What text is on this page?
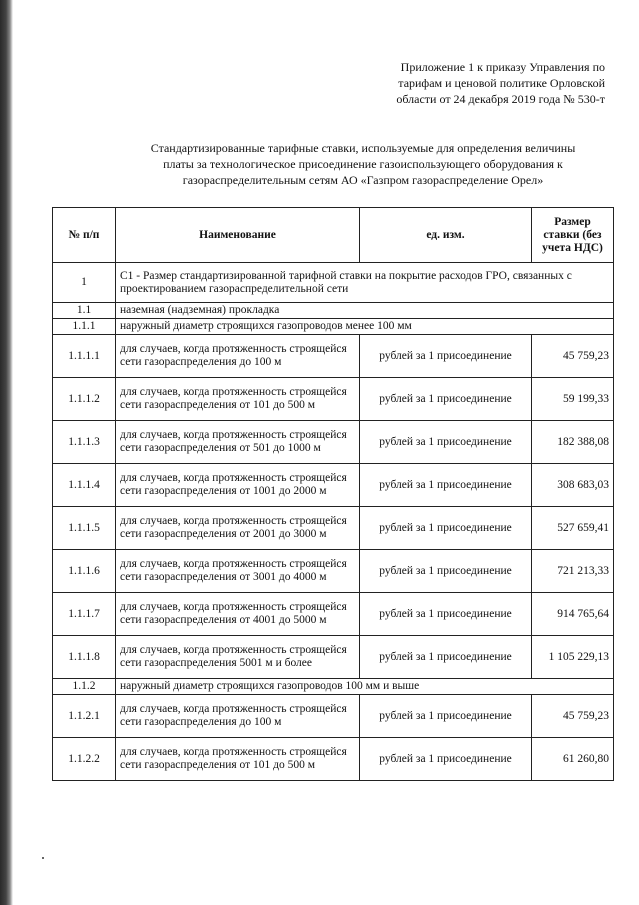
Приложение 1 к приказу Управления по
тарифам и ценовой политике Орловской
области от 24 декабря 2019 года № 530-т
Стандартизированные тарифные ставки, используемые для определения величины
платы за технологическое присоединение газоиспользующего оборудования к
газораспределительным сетям АО «Газпром газораспределение Орел»
№ п/п	Наименование	ед. изм.	Размер ставки (без учета НДС)
1	С1 - Размер стандартизированной тарифной ставки на покрытие расходов ГРО, связанных с проектированием газораспределительной сети		
1.1	наземная (надземная) прокладка		
1.1.1	наружный диаметр строящихся газопроводов менее 100 мм		
1.1.1.1	для случаев, когда протяженность строящейся сети газораспределения до 100 м	рублей за 1 присоединение	45 759,23
1.1.1.2	для случаев, когда протяженность строящейся сети газораспределения от 101 до 500 м	рублей за 1 присоединение	59 199,33
1.1.1.3	для случаев, когда протяженность строящейся сети газораспределения от 501 до 1000 м	рублей за 1 присоединение	182 388,08
1.1.1.4	для случаев, когда протяженность строящейся сети газораспределения от 1001 до 2000 м	рублей за 1 присоединение	308 683,03
1.1.1.5	для случаев, когда протяженность строящейся сети газораспределения от 2001 до 3000 м	рублей за 1 присоединение	527 659,41
1.1.1.6	для случаев, когда протяженность строящейся сети газораспределения от 3001 до 4000 м	рублей за 1 присоединение	721 213,33
1.1.1.7	для случаев, когда протяженность строящейся сети газораспределения от 4001 до 5000 м	рублей за 1 присоединение	914 765,64
1.1.1.8	для случаев, когда протяженность строящейся сети газораспределения 5001 м и более	рублей за 1 присоединение	1 105 229,13
1.1.2	наружный диаметр строящихся газопроводов 100 мм и выше		
1.1.2.1	для случаев, когда протяженность строящейся сети газораспределения до 100 м	рублей за 1 присоединение	45 759,23
1.1.2.2	для случаев, когда протяженность строящейся сети газораспределения от 101 до 500 м	рублей за 1 присоединение	61 260,80
